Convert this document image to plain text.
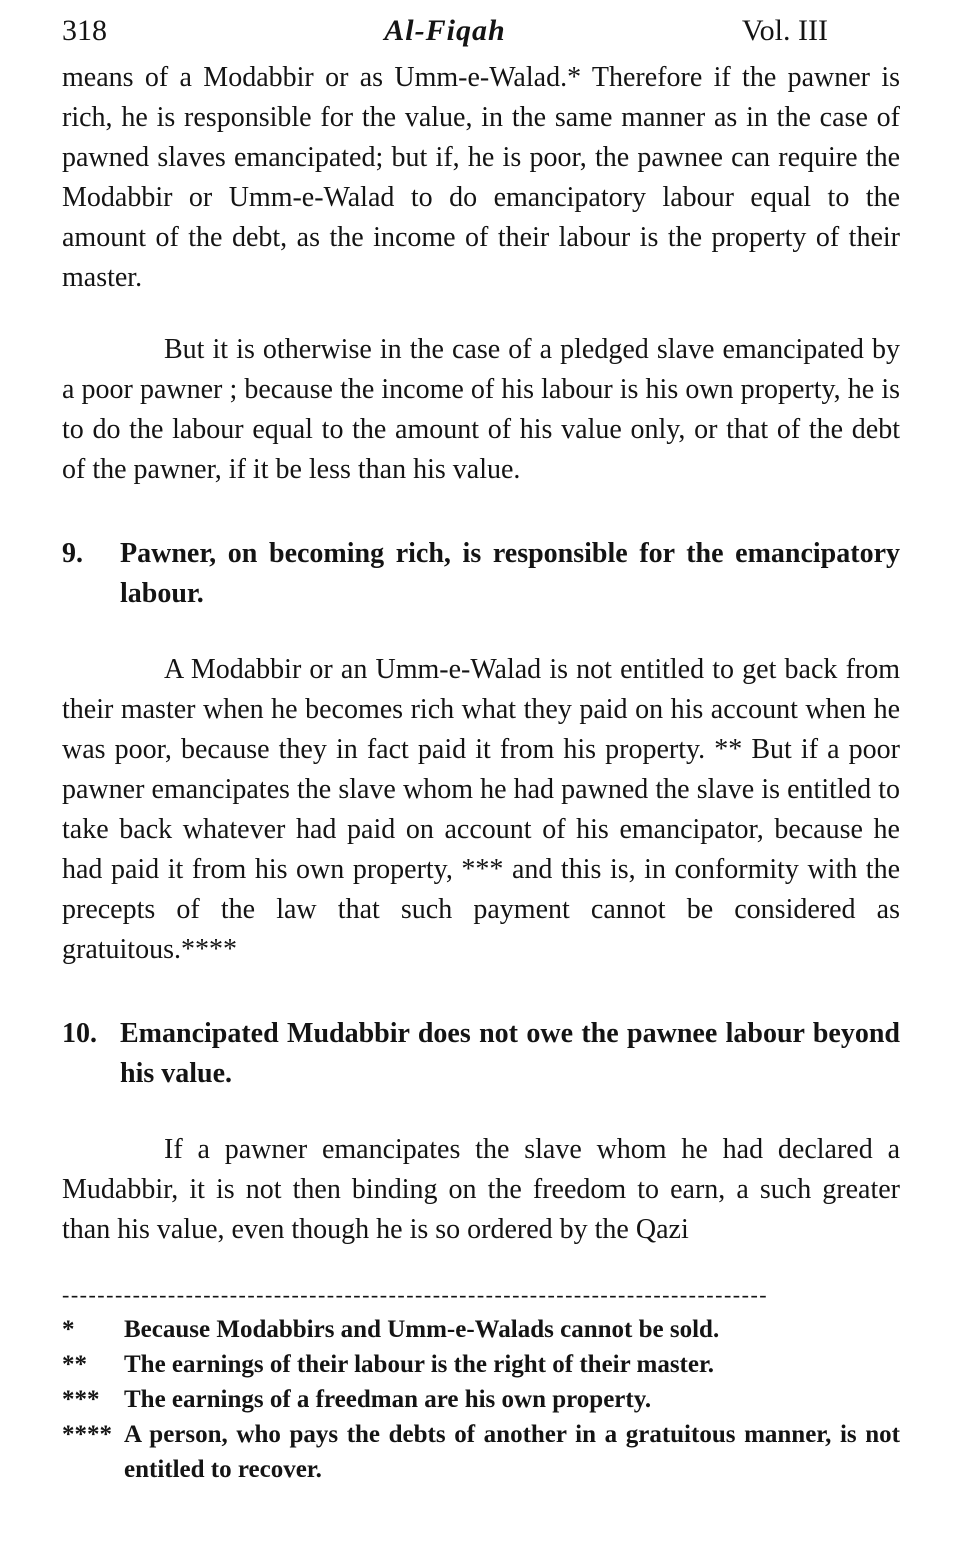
318	Al-Fiqah	Vol. III

means of a Modabbir or as Umm-e-Walad.* Therefore if the pawner is rich, he is responsible for the value, in the same manner as in the case of pawned slaves emancipated; but if, he is poor, the pawnee can require the Modabbir or Umm-e-Walad to do emancipatory labour equal to the amount of the debt, as the income of their labour is the property of their master.

But it is otherwise in the case of a pledged slave emancipated by a poor pawner ; because the income of his labour is his own property, he is to do the labour equal to the amount of his value only, or that of the debt of the pawner, if it be less than his value.

9.	Pawner, on becoming rich, is responsible for the emancipatory labour.

A Modabbir or an Umm-e-Walad is not entitled to get back from their master when he becomes rich what they paid on his account when he was poor, because they in fact paid it from his property. ** But if a poor pawner emancipates the slave whom he had pawned the slave is entitled to take back whatever had paid on account of his emancipator, because he had paid it from his own property, *** and this is, in conformity with the precepts of the law that such payment cannot be considered as gratuitous.****

10. Emancipated Mudabbir does not owe the pawnee labour beyond his value.

If a pawner emancipates the slave whom he had declared a Mudabbir, it is not then binding on the freedom to earn, a such greater than his value, even though he is so ordered by the Qazi

--------------------------------------------------------------------------------
*	Because Modabbirs and Umm-e-Walads cannot be sold.
**	The earnings of their labour is the right of their master.
*** The earnings of a freedman are his own property.
**** A person, who pays the debts of another in a gratuitous manner, is not entitled to recover.
